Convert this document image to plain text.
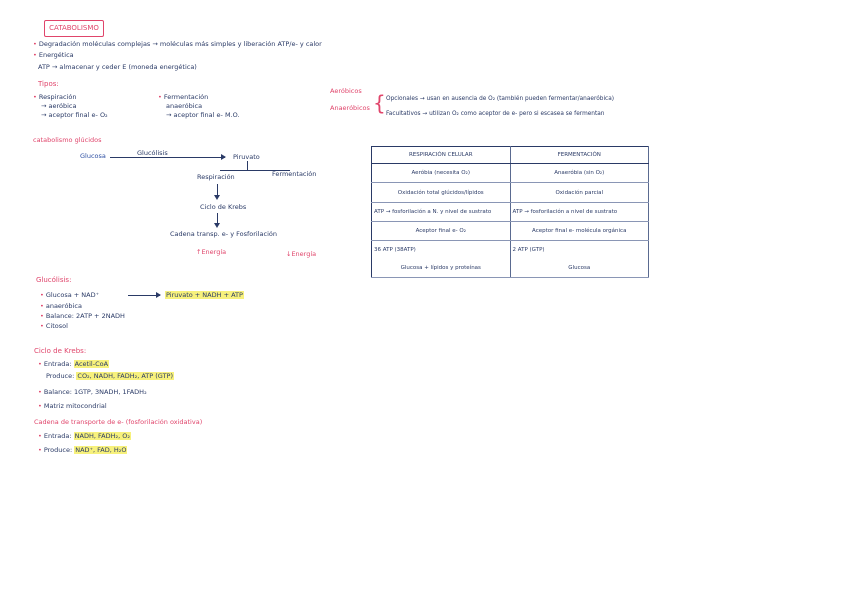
CATABOLISMO
• Degradación moléculas complejas → moléculas más simples y liberación ATP/e- y calor
• Energética
ATP → almacenar y ceder E (moneda energética)
Tipos:
• Respiración
→ aeróbica
→ aceptor final e- O₂
• Fermentación
anaeróbica
→ aceptor final e- M.O.
Aeróbicos
Anaeróbicos { Opcionales → usan en ausencia de O₂ (también pueden fermentar/anaeróbica)
Facultativos → utilizan O₂ como aceptor de e- pero si escasea se fermentan
catabolismo glúcidos
Glucosa	Glucólisis	Piruvato
Respiración	Fermentación
Ciclo de Krebs
Cadena transp. e- y Fosforilación
↑Energía	↓Energía
RESPIRACIÓN CELULAR	FERMENTACIÓN
Aeróbia (necesita O₂)	Anaeróbia (sin O₂)
Oxidación total glúcidos/lípidos	Oxidación parcial
ATP → fosforilación a N. y nivel de sustrato	ATP → fosforilación a nivel de sustrato
Aceptor final e- O₂	Aceptor final e- molécula orgánica
36 ATP (38ATP)	2 ATP (GTP)
Glucosa + lípidos y proteínas	Glucosa
Glucólisis:
• Glucosa + NAD⁺	Piruvato + NADH + ATP
• anaeróbica
• Balance: 2ATP + 2NADH
• Citosol
Ciclo de Krebs:
• Entrada: Acetil-CoA
Produce: CO₂, NADH, FADH₂, ATP (GTP)
• Balance: 1GTP, 3NADH, 1FADH₂
• Matriz mitocondrial
Cadena de transporte de e- (fosforilación oxidativa)
• Entrada: NADH, FADH₂, O₂
• Produce: NAD⁺, FAD, H₂O
